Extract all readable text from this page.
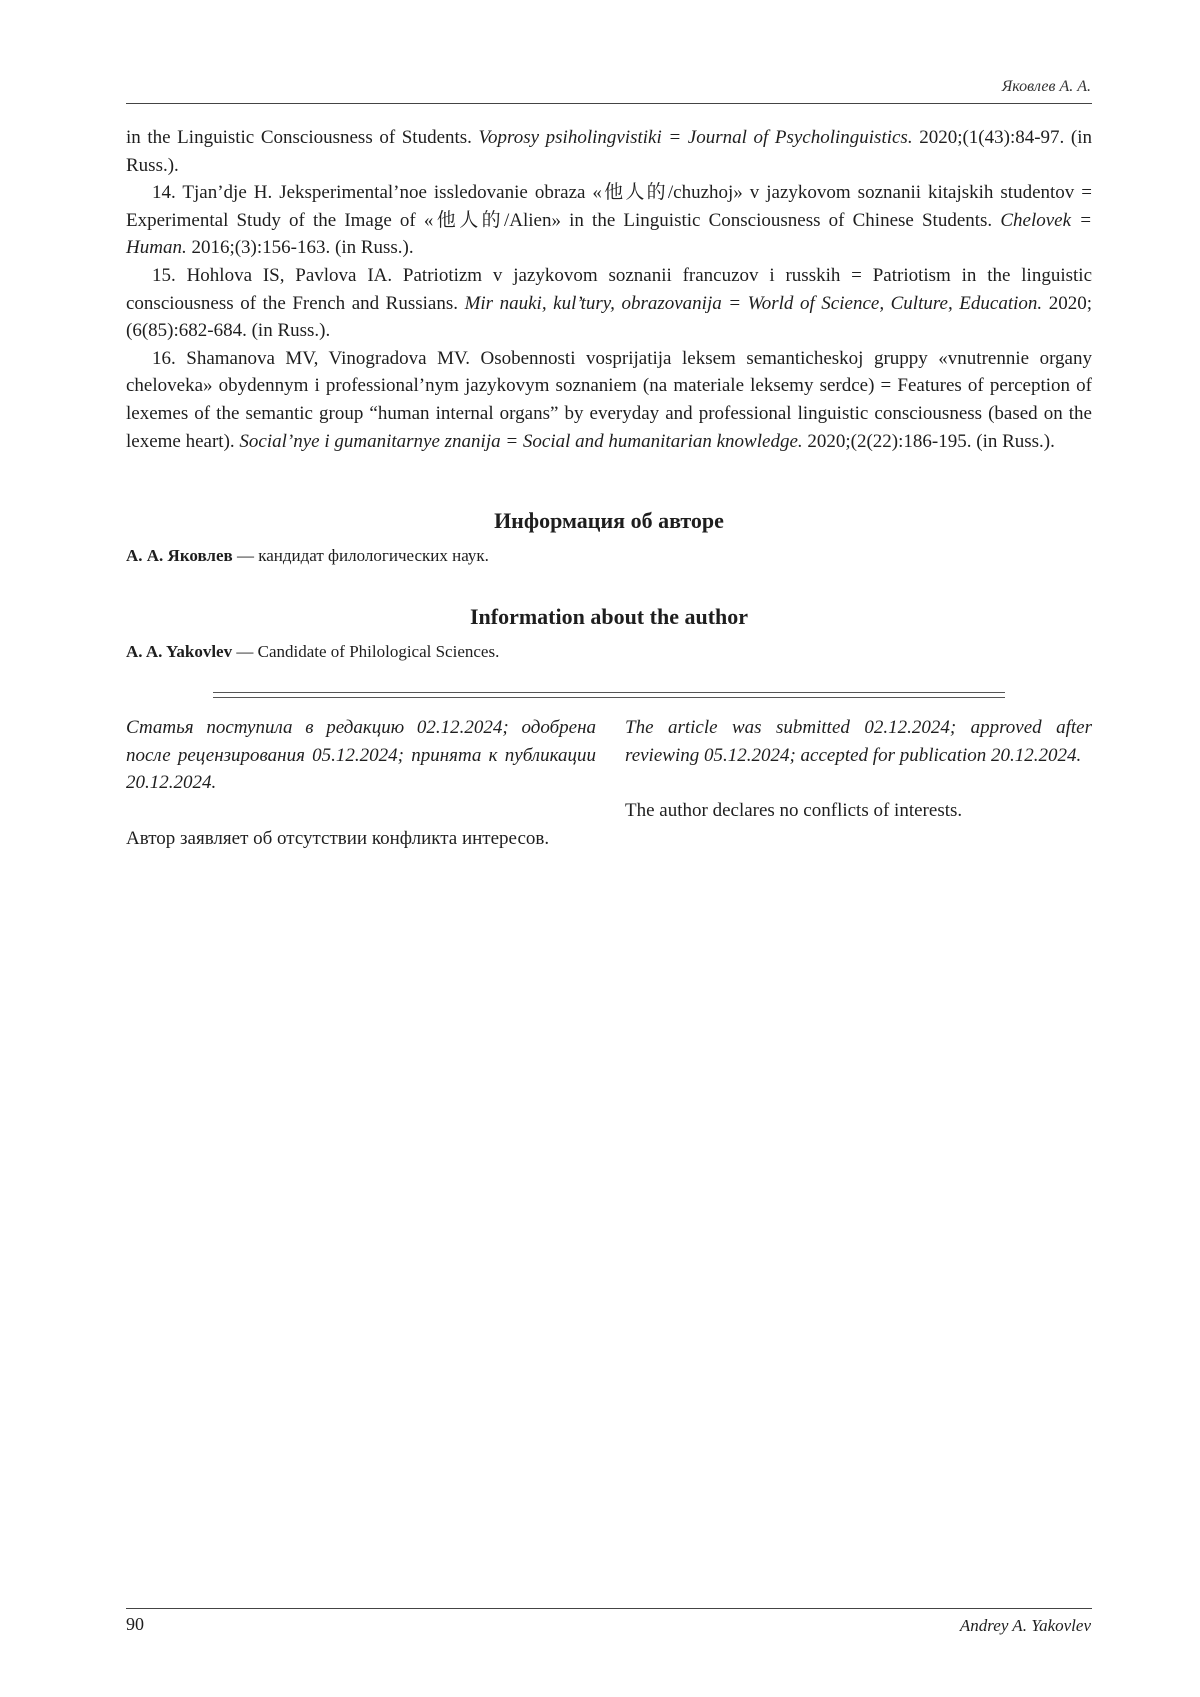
Яковлев А. А.

in the Linguistic Consciousness of Students. Voprosy psiholingvistiki = Journal of Psycholinguistics. 2020;(1(43):84-97. (in Russ.).

14. Tjan’dje H. Jeksperimental’noe issledovanie obraza «他人的/chuzhoj» v jazykovom soznanii kitajskih studentov = Experimental Study of the Image of «他人的/Alien» in the Linguistic Consciousness of Chinese Students. Chelovek = Human. 2016;(3):156-163. (in Russ.).

15. Hohlova IS, Pavlova IA. Patriotizm v jazykovom soznanii francuzov i russkih = Patriotism in the linguistic consciousness of the French and Russians. Mir nauki, kul’tury, obrazovanija = World of Science, Culture, Education. 2020;(6(85):682-684. (in Russ.).

16. Shamanova MV, Vinogradova MV. Osobennosti vosprijatija leksem semanticheskoj gruppy «vnutrennie organy cheloveka» obydennym i professional’nym jazykovym soznaniem (na materiale leksemy serdce) = Features of perception of lexemes of the semantic group “human internal organs” by everyday and professional linguistic consciousness (based on the lexeme heart). Social’nye i gumanitarnye znanija = Social and humanitarian knowledge. 2020;(2(22):186-195. (in Russ.).

Информация об авторе
А. А. Яковлев — кандидат филологических наук.
Information about the author
A. A. Yakovlev — Candidate of Philological Sciences.

Статья поступила в редакцию 02.12.2024; одобрена после рецензирования 05.12.2024; принята к публикации 20.12.2024.

Автор заявляет об отсутствии конфликта интересов.

The article was submitted 02.12.2024; approved after reviewing 05.12.2024; accepted for publication 20.12.2024.

The author declares no conflicts of interests.

90	Andrey A. Yakovlev
